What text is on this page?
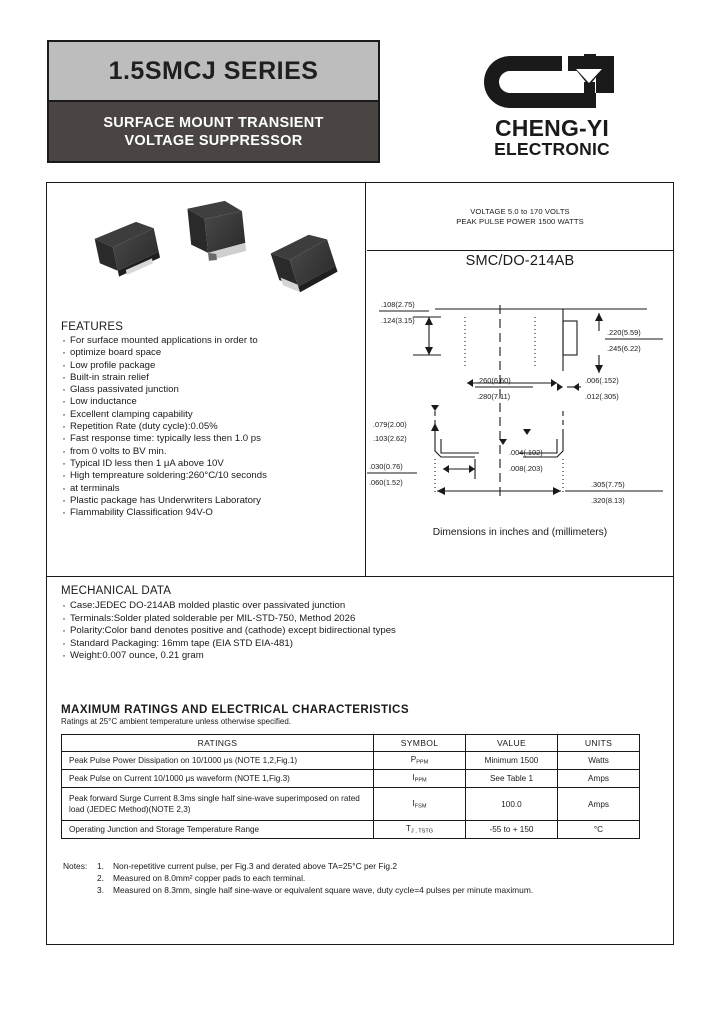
1.5SMCJ SERIES
SURFACE MOUNT TRANSIENT
VOLTAGE SUPPRESSOR	CHENG-YI
ELECTRONIC
FEATURES
· For surface mounted applications in order to
· optimize board space
· Low profile package
· Built-in strain relief
· Glass passivated junction
· Low inductance
· Excellent clamping capability
· Repetition Rate (duty cycle):0.05%
· Fast response time: typically less then 1.0 ps
· from 0 volts to BV min.
· Typical ID less then 1 μA above 10V
· High tempreature soldering:260°C/10 seconds
· at terminals
· Plastic package has Underwriters Laboratory
· Flammability Classification 94V-O
VOLTAGE 5.0 to 170 VOLTS
PEAK PULSE POWER 1500 WATTS
SMC/DO-214AB
.108(2.75)
.124(3.15)
.220(5.59)
.245(6.22)
.260(6.60)
.280(7.11)
.006(.152)
.012(.305)
.079(2.00)
.103(2.62)
.030(0.76)
.060(1.52)
.004(.102)
.008(.203)
.305(7.75)
.320(8.13)
Dimensions in inches and (millimeters)
MECHANICAL DATA
· Case:JEDEC DO-214AB molded plastic over passivated junction
· Terminals:Solder plated solderable per MIL-STD-750, Method 2026
· Polarity:Color band denotes positive and (cathode) except bidirectional types
· Standard Packaging: 16mm tape (EIA STD EIA-481)
· Weight:0.007 ounce, 0.21 gram
MAXIMUM RATINGS AND ELECTRICAL CHARACTERISTICS
Ratings at 25°C ambient temperature unless otherwise specified.
RATINGS	SYMBOL	VALUE	UNITS
Peak Pulse Power Dissipation on 10/1000 μs (NOTE 1,2,Fig.1)	$P_{PPM}$	Minimum 1500	Watts
Peak Pulse on Current 10/1000 μs waveform (NOTE 1,Fig.3)	$I_{PPM}$	See Table 1	Amps
Peak forward Surge Current 8.3ms single half sine-wave superimposed on rated load (JEDEC Method)(NOTE 2,3)	$I_{FSM}$	100.0	Amps
Operating Junction and Storage Temperature Range	$T_{J , TSTG}$	-55 to + 150	°C
Notes:	1.	Non-repetitive current pulse, per Fig.3 and derated above TA=25°C per Fig.2
2.	Measured on 8.0mm² copper pads to each terminal.
3.	Measured on 8.3mm, single half sine-wave or equivalent square wave, duty cycle=4 pulses per minute maximum.
